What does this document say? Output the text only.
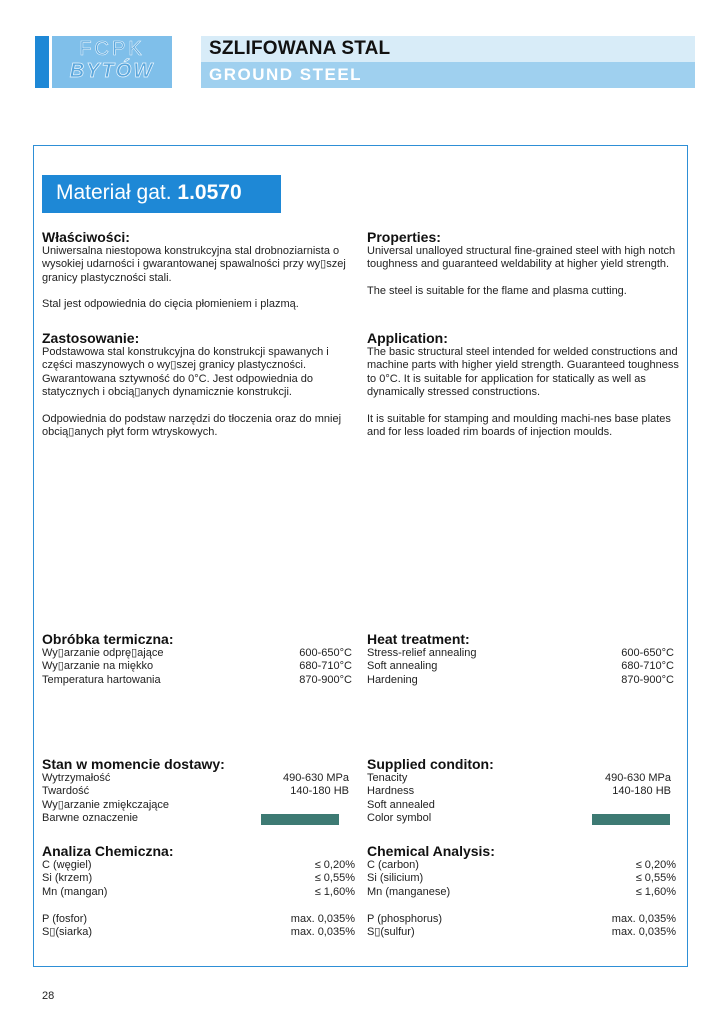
FCPK
BYTÓW
SZLIFOWANA STAL
GROUND STEEL
Materiał gat. 1.0570
Właściwości:
Uniwersalna niestopowa konstrukcyjna stal drobnoziarnista o wysokiej udarności i gwarantowanej spawalności przy wy▯szej granicy plastyczności stali.
Stal jest odpowiednia do cięcia płomieniem i plazmą.
Properties:
Universal unalloyed structural fine-grained steel with high notch toughness and guaranteed weldability at higher yield strength.
The steel is suitable for the flame and plasma cutting.
Zastosowanie:
Podstawowa stal konstrukcyjna do konstrukcji spawanych i części maszynowych o wy▯szej granicy plastyczności. Gwarantowana sztywność do 0°C. Jest odpowiednia do statycznych i obcią▯anych dynamicznie konstrukcji.
Odpowiednia do podstaw narzędzi do tłoczenia oraz do mniej obcią▯anych płyt form wtryskowych.
Application:
The basic structural steel intended for welded constructions and machine parts with higher yield strength. Guaranteed toughness to 0°C. It is suitable for application for statically as well as dynamically stressed constructions.
It is suitable for stamping and moulding machi-nes base plates and for less loaded rim boards of injection moulds.
Obróbka termiczna:
Wy▯arzanie odprę▯ające	600-650°C
Wy▯arzanie na miękko	680-710°C
Temperatura hartowania	870-900°C
Heat treatment:
Stress-relief annealing	600-650°C
Soft annealing	680-710°C
Hardening	870-900°C
Stan w momencie dostawy:
Wytrzymałość	490-630 MPa
Twardość	140-180 HB
Wy▯arzanie zmiękczające
Barwne oznaczenie
Supplied conditon:
Tenacity	490-630 MPa
Hardness	140-180 HB
Soft annealed
Color symbol
Analiza Chemiczna:
C (węgiel)	≤ 0,20%
Si (krzem)	≤ 0,55%
Mn (mangan)	≤ 1,60%
P (fosfor)	max. 0,035%
S▯(siarka)	max. 0,035%
Chemical Analysis:
C (carbon)	≤ 0,20%
Si (silicium)	≤ 0,55%
Mn (manganese)	≤ 1,60%
P (phosphorus)	max. 0,035%
S▯(sulfur)	max. 0,035%
28
